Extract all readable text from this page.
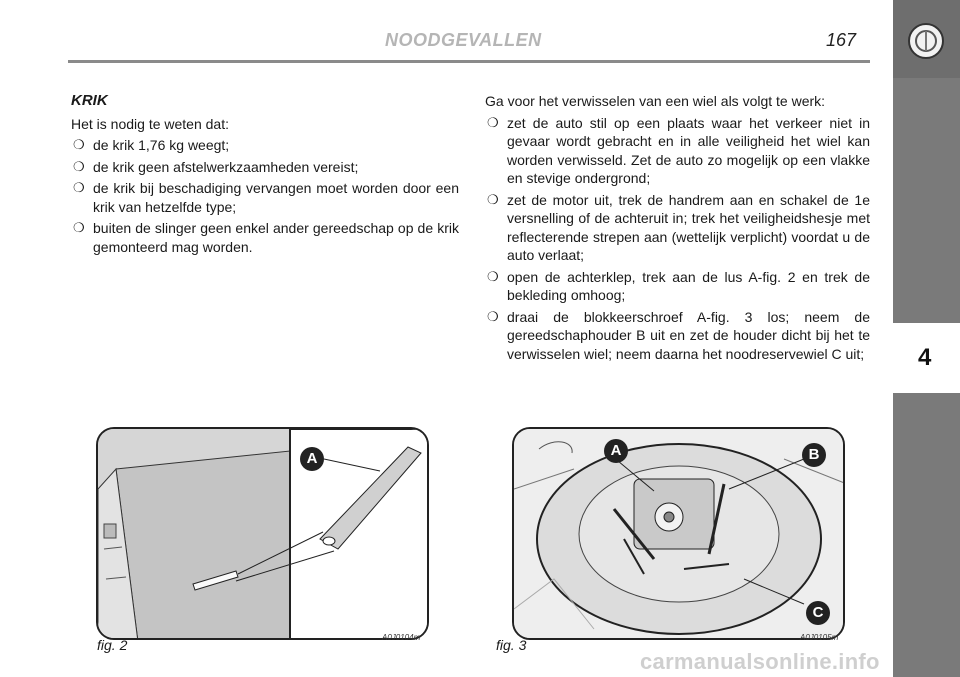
NOODGEVALLEN	167
4
KRIK

Het is nodig te weten dat:

❍ de krik 1,76 kg weegt;
❍ de krik geen afstelwerkzaamheden vereist;
❍ de krik bij beschadiging vervangen moet worden door een krik van hetzelfde type;
❍ buiten de slinger geen enkel ander gereedschap op de krik gemonteerd mag worden.

Ga voor het verwisselen van een wiel als volgt te werk:

❍ zet de auto stil op een plaats waar het verkeer niet in gevaar wordt gebracht en in alle veiligheid het wiel kan worden verwisseld. Zet de auto zo mogelijk op een vlakke en stevige ondergrond;
❍ zet de motor uit, trek de handrem aan en schakel de 1e versnelling of de achteruit in; trek het veiligheidshesje met reflecterende strepen aan (wettelijk verplicht) voordat u de auto verlaat;
❍ open de achterklep, trek aan de lus A-fig. 2 en trek de bekleding omhoog;
❍ draai de blokkeerschroef A-fig. 3 los; neem de gereedschaphouder B uit en zet de houder dicht bij het te verwisselen wiel; neem daarna het noodreservewiel C uit;
A
fig. 2	A0J0104m
A	B
C
fig. 3	A0J0105m
carmanualsonline.info
